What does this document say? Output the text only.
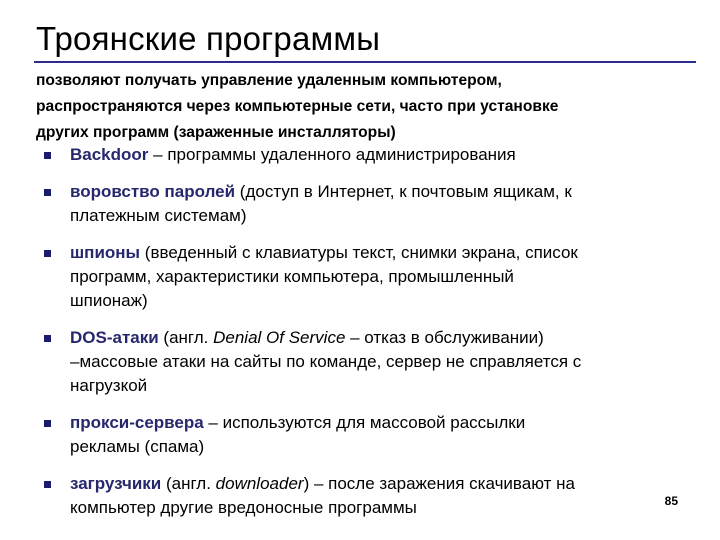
Троянские программы
позволяют получать управление удаленным компьютером,
распространяются через компьютерные сети, часто при установке
других программ (зараженные инсталляторы)
Backdoor – программы удаленного администрирования
воровство паролей (доступ в Интернет, к почтовым ящикам, к
платежным системам)
шпионы (введенный с клавиатуры текст, снимки экрана, список
программ, характеристики компьютера, промышленный
шпионаж)
DOS-атаки (англ. Denial Of Service – отказ в обслуживании)
–массовые атаки на сайты по команде, сервер не справляется с
нагрузкой
прокси-сервера – используются для массовой рассылки
рекламы (спама)
загрузчики (англ. downloader) – после заражения скачивают на
компьютер другие вредоносные программы	85
